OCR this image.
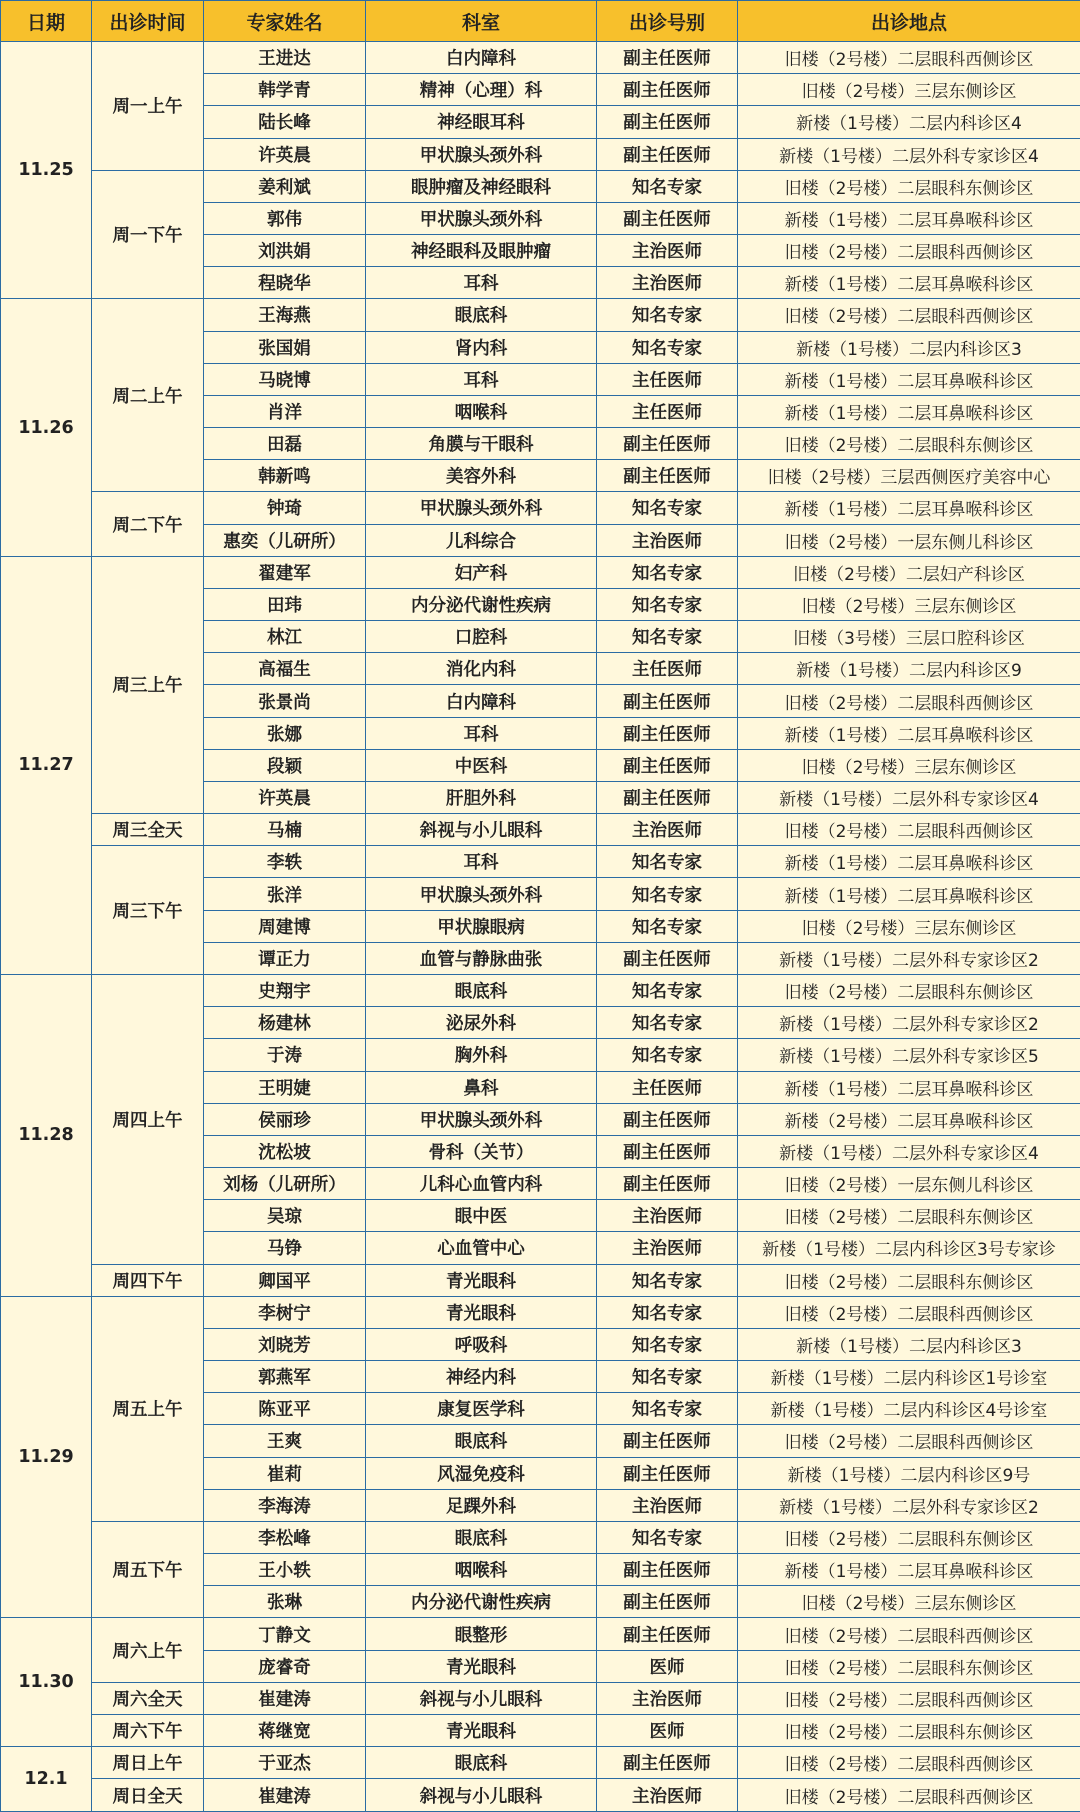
日期	出诊时间	专家姓名	科室	出诊号别	出诊地点
11.25	周一上午	王进达	白内障科	副主任医师	旧楼（2号楼）二层眼科西侧诊区
		韩学青	精神（心理）科	副主任医师	旧楼（2号楼）三层东侧诊区
		陆长峰	神经眼耳科	副主任医师	新楼（1号楼）二层内科诊区4
		许英晨	甲状腺头颈外科	副主任医师	新楼（1号楼）二层外科专家诊区4
	周一下午	姜利斌	眼肿瘤及神经眼科	知名专家	旧楼（2号楼）二层眼科东侧诊区
		郭伟	甲状腺头颈外科	副主任医师	新楼（1号楼）二层耳鼻喉科诊区
		刘洪娟	神经眼科及眼肿瘤	主治医师	旧楼（2号楼）二层眼科西侧诊区
		程晓华	耳科	主治医师	新楼（1号楼）二层耳鼻喉科诊区
11.26	周二上午	王海燕	眼底科	知名专家	旧楼（2号楼）二层眼科西侧诊区
		张国娟	肾内科	知名专家	新楼（1号楼）二层内科诊区3
		马晓博	耳科	主任医师	新楼（1号楼）二层耳鼻喉科诊区
		肖洋	咽喉科	主任医师	新楼（1号楼）二层耳鼻喉科诊区
		田磊	角膜与干眼科	副主任医师	旧楼（2号楼）二层眼科东侧诊区
		韩新鸣	美容外科	副主任医师	旧楼（2号楼）三层西侧医疗美容中心
	周二下午	钟琦	甲状腺头颈外科	知名专家	新楼（1号楼）二层耳鼻喉科诊区
		惠奕（儿研所）	儿科综合	主治医师	旧楼（2号楼）一层东侧儿科诊区
11.27	周三上午	翟建军	妇产科	知名专家	旧楼（2号楼）二层妇产科诊区
		田玮	内分泌代谢性疾病	知名专家	旧楼（2号楼）三层东侧诊区
		林江	口腔科	知名专家	旧楼（3号楼）三层口腔科诊区
		高福生	消化内科	主任医师	新楼（1号楼）二层内科诊区9
		张景尚	白内障科	副主任医师	旧楼（2号楼）二层眼科西侧诊区
		张娜	耳科	副主任医师	新楼（1号楼）二层耳鼻喉科诊区
		段颖	中医科	副主任医师	旧楼（2号楼）三层东侧诊区
		许英晨	肝胆外科	副主任医师	新楼（1号楼）二层外科专家诊区4
	周三全天	马楠	斜视与小儿眼科	主治医师	旧楼（2号楼）二层眼科西侧诊区
	周三下午	李轶	耳科	知名专家	新楼（1号楼）二层耳鼻喉科诊区
		张洋	甲状腺头颈外科	知名专家	新楼（1号楼）二层耳鼻喉科诊区
		周建博	甲状腺眼病	知名专家	旧楼（2号楼）三层东侧诊区
		谭正力	血管与静脉曲张	副主任医师	新楼（1号楼）二层外科专家诊区2
11.28	周四上午	史翔宇	眼底科	知名专家	旧楼（2号楼）二层眼科东侧诊区
		杨建林	泌尿外科	知名专家	新楼（1号楼）二层外科专家诊区2
		于涛	胸外科	知名专家	新楼（1号楼）二层外科专家诊区5
		王明婕	鼻科	主任医师	新楼（1号楼）二层耳鼻喉科诊区
		侯丽珍	甲状腺头颈外科	副主任医师	新楼（2号楼）二层耳鼻喉科诊区
		沈松坡	骨科（关节）	副主任医师	新楼（1号楼）二层外科专家诊区4
		刘杨（儿研所）	儿科心血管内科	副主任医师	旧楼（2号楼）一层东侧儿科诊区
		吴琼	眼中医	主治医师	旧楼（2号楼）二层眼科东侧诊区
		马铮	心血管中心	主治医师	新楼（1号楼）二层内科诊区3号专家诊
	周四下午	卿国平	青光眼科	知名专家	旧楼（2号楼）二层眼科东侧诊区
11.29	周五上午	李树宁	青光眼科	知名专家	旧楼（2号楼）二层眼科西侧诊区
		刘晓芳	呼吸科	知名专家	新楼（1号楼）二层内科诊区3
		郭燕军	神经内科	知名专家	新楼（1号楼）二层内科诊区1号诊室
		陈亚平	康复医学科	知名专家	新楼（1号楼）二层内科诊区4号诊室
		王爽	眼底科	副主任医师	旧楼（2号楼）二层眼科西侧诊区
		崔莉	风湿免疫科	副主任医师	新楼（1号楼）二层内科诊区9号
		李海涛	足踝外科	主治医师	新楼（1号楼）二层外科专家诊区2
	周五下午	李松峰	眼底科	知名专家	旧楼（2号楼）二层眼科东侧诊区
		王小轶	咽喉科	副主任医师	新楼（1号楼）二层耳鼻喉科诊区
		张琳	内分泌代谢性疾病	副主任医师	旧楼（2号楼）三层东侧诊区
11.30	周六上午	丁静文	眼整形	副主任医师	旧楼（2号楼）二层眼科西侧诊区
		庞睿奇	青光眼科	医师	旧楼（2号楼）二层眼科东侧诊区
	周六全天	崔建涛	斜视与小儿眼科	主治医师	旧楼（2号楼）二层眼科西侧诊区
	周六下午	蒋继宽	青光眼科	医师	旧楼（2号楼）二层眼科东侧诊区
12.1	周日上午	于亚杰	眼底科	副主任医师	旧楼（2号楼）二层眼科西侧诊区
	周日全天	崔建涛	斜视与小儿眼科	主治医师	旧楼（2号楼）二层眼科西侧诊区
